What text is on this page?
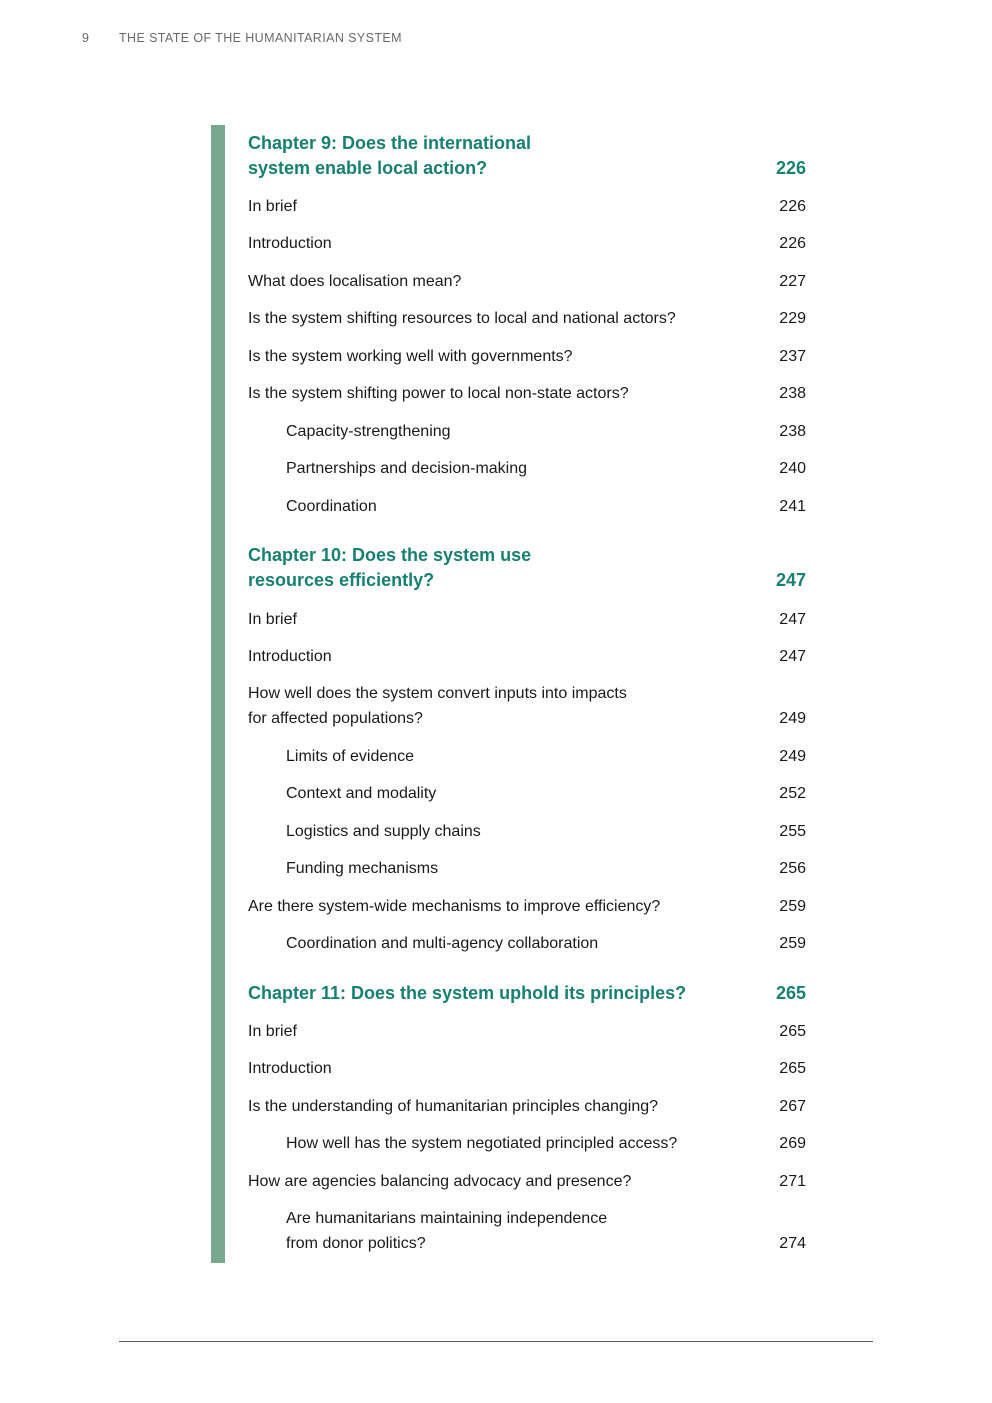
9 THE STATE OF THE HUMANITARIAN SYSTEM
Chapter 9: Does the international
system enable local action?	226
In brief	226
Introduction	226
What does localisation mean?	227
Is the system shifting resources to local and national actors?	229
Is the system working well with governments?	237
Is the system shifting power to local non-state actors?	238
Capacity-strengthening	238
Partnerships and decision-making	240
Coordination	241
Chapter 10: Does the system use
resources efficiently?	247
In brief	247
Introduction	247
How well does the system convert inputs into impacts
for affected populations?	249
Limits of evidence	249
Context and modality	252
Logistics and supply chains	255
Funding mechanisms	256
Are there system-wide mechanisms to improve efficiency?	259
Coordination and multi-agency collaboration	259
Chapter 11: Does the system uphold its principles?	265
In brief	265
Introduction	265
Is the understanding of humanitarian principles changing?	267
How well has the system negotiated principled access?	269
How are agencies balancing advocacy and presence?	271
Are humanitarians maintaining independence
from donor politics?	274
